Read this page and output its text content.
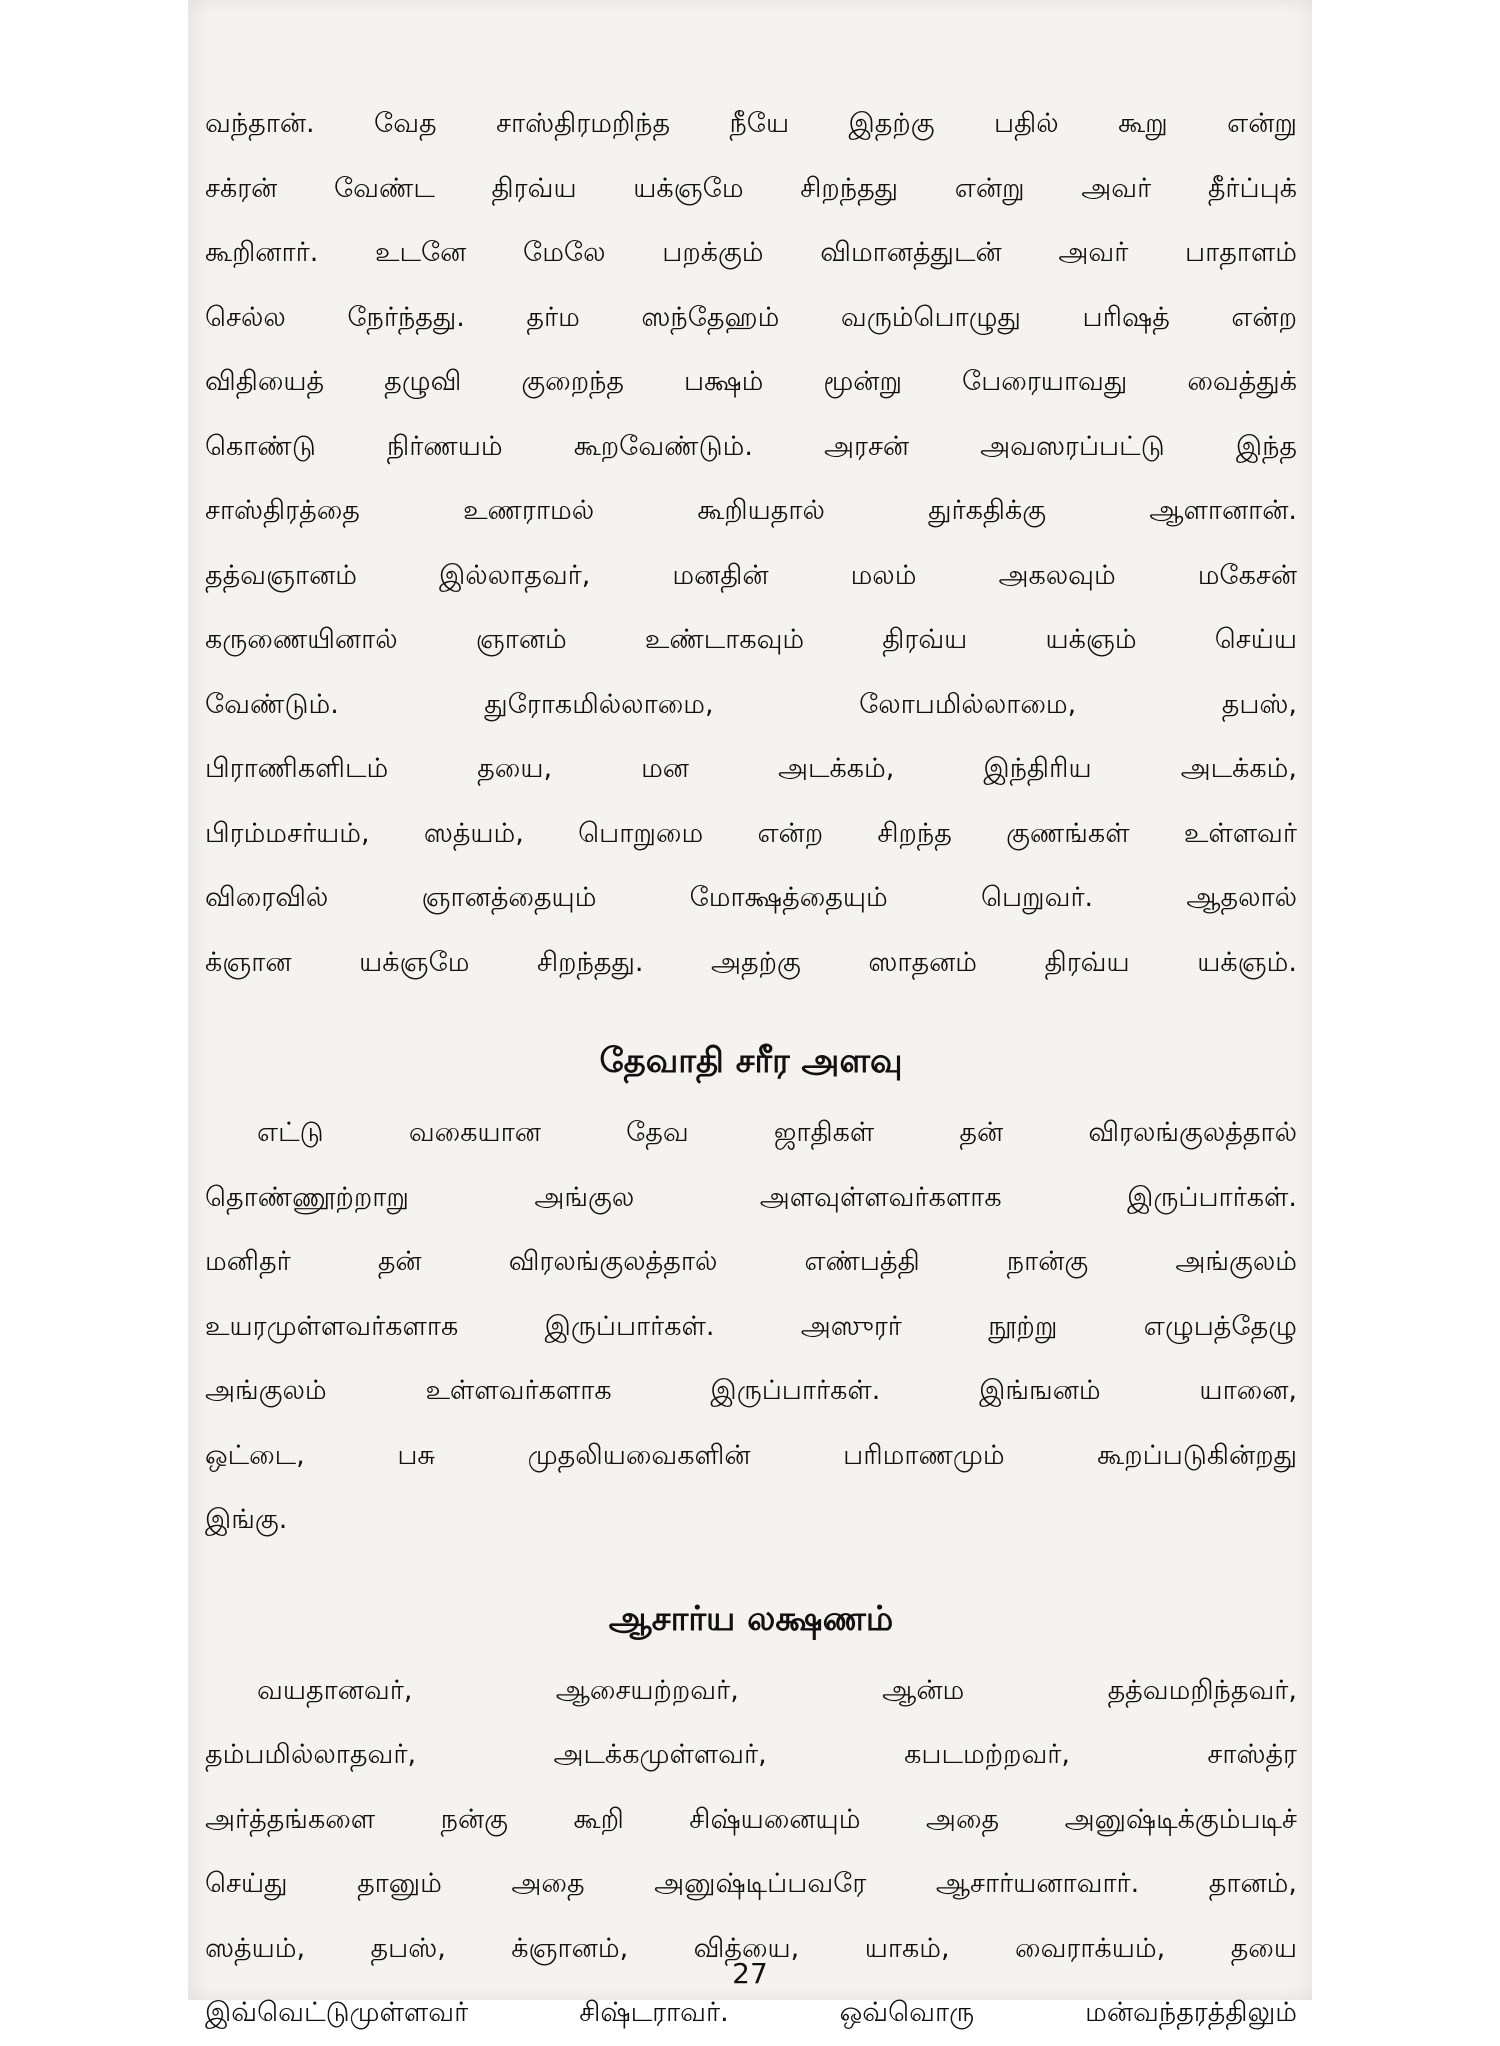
வந்தான். வேத சாஸ்திரமறிந்த நீயே இதற்கு பதில் கூறு என்று
சக்ரன் வேண்ட திரவ்ய யக்ஞமே சிறந்தது என்று அவர் தீர்ப்புக்
கூறினார். உடனே மேலே பறக்கும் விமானத்துடன் அவர் பாதாளம்
செல்ல நேர்ந்தது. தர்ம ஸந்தேஹம் வரும்பொழுது பரிஷத் என்ற
விதியைத் தழுவி குறைந்த பக்ஷம் மூன்று பேரையாவது வைத்துக்
கொண்டு நிர்ணயம் கூறவேண்டும். அரசன் அவஸரப்பட்டு இந்த
சாஸ்திரத்தை உணராமல் கூறியதால் துர்கதிக்கு ஆளானான்.
தத்வஞானம் இல்லாதவர், மனதின் மலம் அகலவும் மகேசன்
கருணையினால் ஞானம் உண்டாகவும் திரவ்ய யக்ஞம் செய்ய
வேண்டும். துரோகமில்லாமை, லோபமில்லாமை, தபஸ்,
பிராணிகளிடம் தயை, மன அடக்கம், இந்திரிய அடக்கம்,
பிரம்மசர்யம், ஸத்யம், பொறுமை என்ற சிறந்த குணங்கள் உள்ளவர்
விரைவில் ஞானத்தையும் மோக்ஷத்தையும் பெறுவர். ஆதலால்
க்ஞான யக்ஞமே சிறந்தது. அதற்கு ஸாதனம் திரவ்ய யக்ஞம்.
தேவாதி சரீர அளவு
எட்டு வகையான தேவ ஜாதிகள் தன் விரலங்குலத்தால்
தொண்ணூற்றாறு அங்குல அளவுள்ளவர்களாக இருப்பார்கள்.
மனிதர் தன் விரலங்குலத்தால் எண்பத்தி நான்கு அங்குலம்
உயரமுள்ளவர்களாக இருப்பார்கள். அஸுரர் நூற்று எழுபத்தேழு
அங்குலம் உள்ளவர்களாக இருப்பார்கள். இங்ஙனம் யானை,
ஒட்டை, பசு முதலியவைகளின் பரிமாணமும் கூறப்படுகின்றது
இங்கு.
ஆசார்ய லக்ஷணம்
வயதானவர், ஆசையற்றவர், ஆன்ம தத்வமறிந்தவர்,
தம்பமில்லாதவர், அடக்கமுள்ளவர், கபடமற்றவர், சாஸ்த்ர
அர்த்தங்களை நன்கு கூறி சிஷ்யனையும் அதை அனுஷ்டிக்கும்படிச்
செய்து தானும் அதை அனுஷ்டிப்பவரே ஆசார்யனாவார். தானம்,
ஸத்யம், தபஸ், க்ஞானம், வித்யை, யாகம், வைராக்யம், தயை
இவ்வெட்டுமுள்ளவர் சிஷ்டராவர். ஒவ்வொரு மன்வந்தரத்திலும்
27
